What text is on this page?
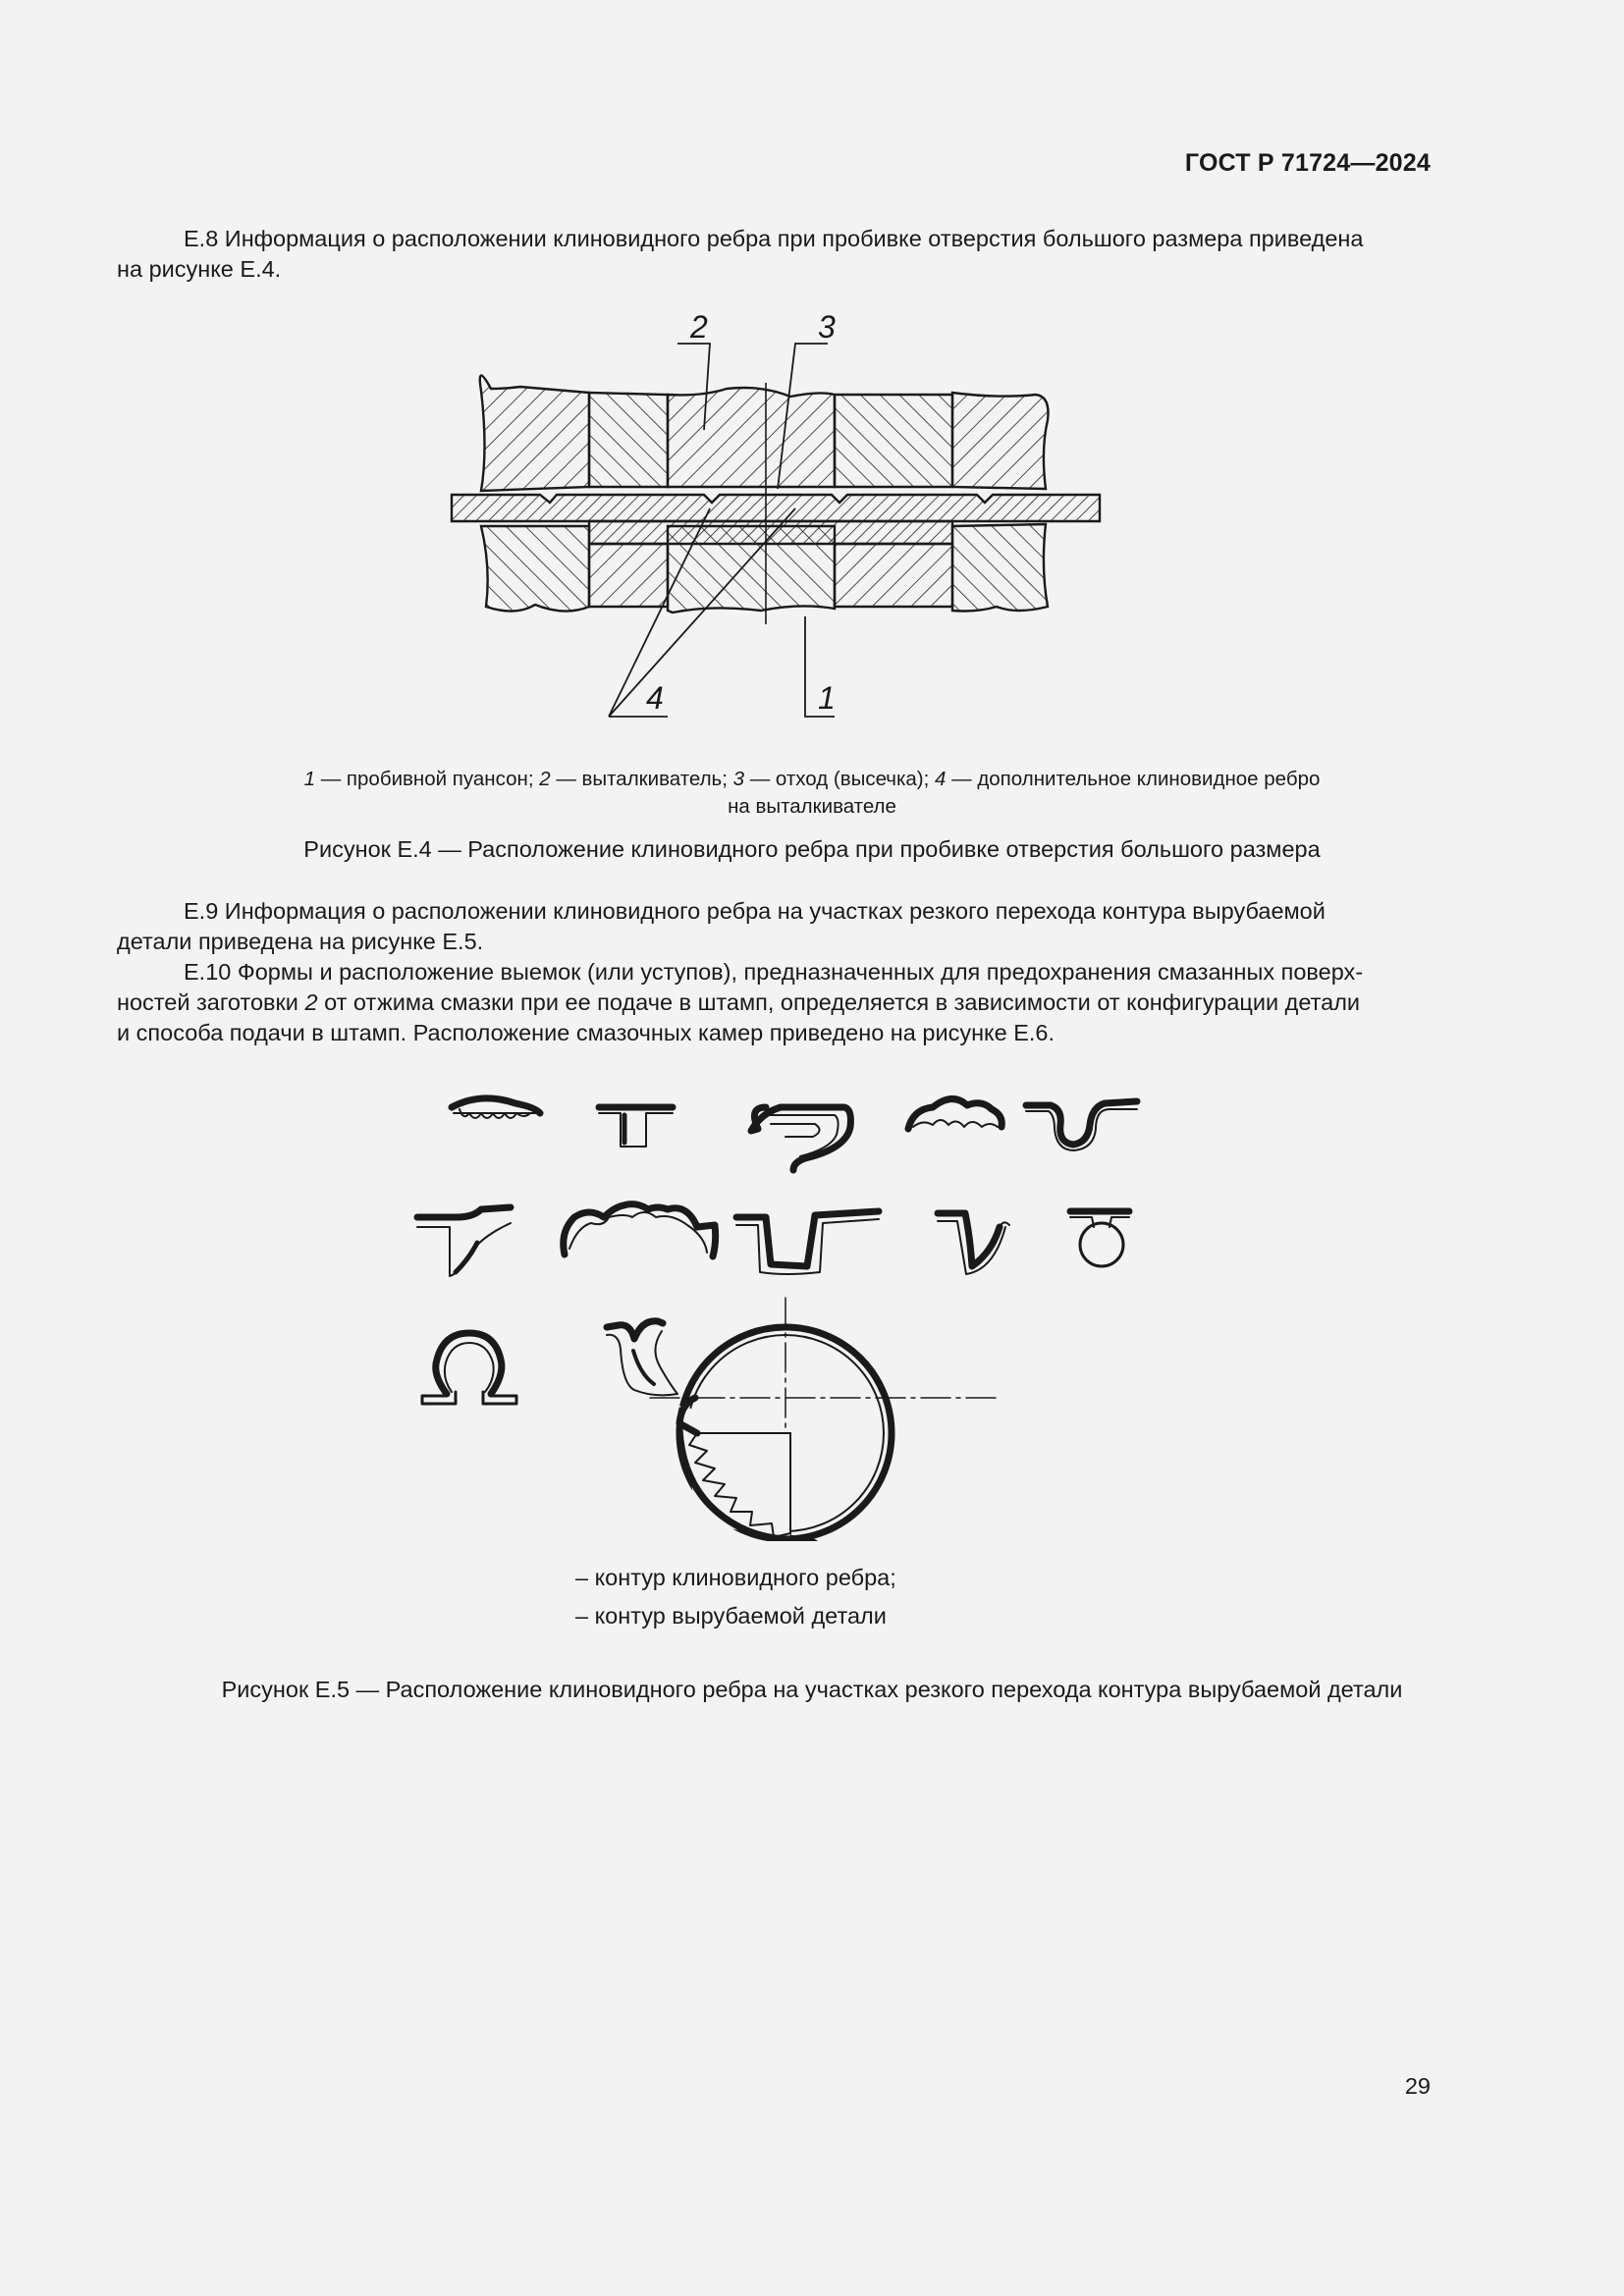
ГОСТ Р 71724—2024
Е.8 Информация о расположении клиновидного ребра при пробивке отверстия большого размера приведена
на рисунке Е.4.
2	3
4	1
1 — пробивной пуансон; 2 — выталкиватель; 3 — отход (высечка); 4 — дополнительное клиновидное ребро
на выталкивателе
Рисунок Е.4 — Расположение клиновидного ребра при пробивке отверстия большого размера
Е.9 Информация о расположении клиновидного ребра на участках резкого перехода контура вырубаемой
детали приведена на рисунке Е.5.
Е.10 Формы и расположение выемок (или уступов), предназначенных для предохранения смазанных поверх-
ностей заготовки 2 от отжима смазки при ее подаче в штамп, определяется в зависимости от конфигурации детали
и способа подачи в штамп. Расположение смазочных камер приведено на рисунке Е.6.
– контур клиновидного ребра;
– контур вырубаемой детали
Рисунок Е.5 — Расположение клиновидного ребра на участках резкого перехода контура вырубаемой детали
29
